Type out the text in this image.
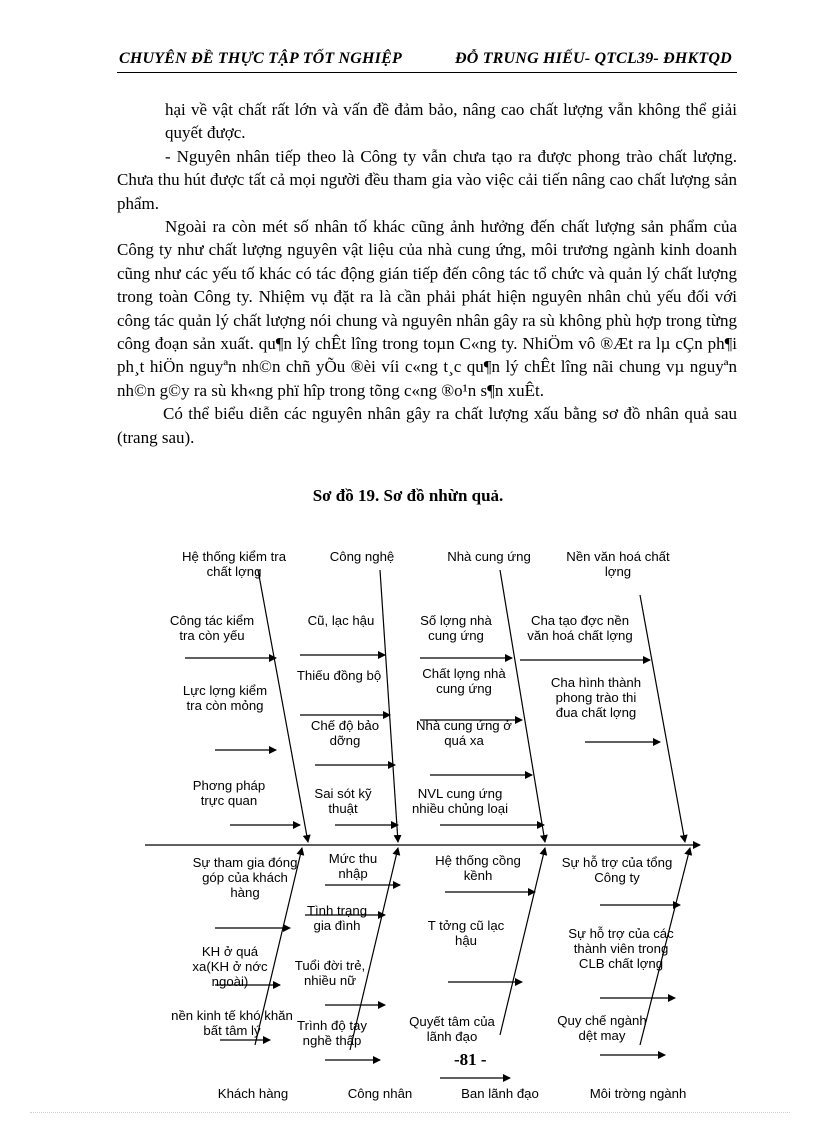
CHUYÊN ĐỀ THỰC TẬP TỐT NGHIỆP	ĐỖ TRUNG HIẾU- QTCL39- ĐHKTQD

hại về vật chất rất lớn và vấn đề đảm bảo, nâng cao chất lượng vẫn không thể giải quyết được.

- Nguyên nhân tiếp theo là Công ty vẫn chưa tạo ra được phong trào chất lượng. Chưa thu hút được tất cả mọi người đều tham gia vào việc cải tiến nâng cao chất lượng sản phẩm.

Ngoài ra còn mét số nhân tố khác cũng ảnh hưởng đến chất lượng sản phẩm của Công ty như chất lượng nguyên vật liệu của nhà cung ứng, môi trương ngành kinh doanh cũng như các yếu tố khác có tác động gián tiếp đến công tác tổ chức và quản lý chất lượng trong toàn Công ty. Nhiệm vụ đặt ra là cần phải phát hiện nguyên nhân chủ yếu đối với công tác quản lý chất lượng nói chung và nguyên nhân gây ra sù không phù hợp trong từng công đoạn sản xuất. qu¶n lý chÊt lîng trong toµn C«ng ty. NhiÖm vô ®Æt ra lµ cÇn ph¶i ph¸t hiÖn nguyªn nh©n chñ yÕu ®èi víi c«ng t¸c qu¶n lý chÊt lîng nãi chung vµ nguyªn nh©n g©y ra sù kh«ng phï hîp trong tõng c«ng ®o¹n s¶n xuÊt.

Có thể biểu diễn các nguyên nhân gây ra chất lượng xấu bằng sơ đồ nhân quả sau (trang sau).

Sơ đồ 19. Sơ đồ nhừn quả.
Hệ thống kiểm tra chất lợng
Công nghệ	Nhà cung ứng	Nền văn hoá chất lợng
Công tác kiểm tra còn yếu
Lực lợng kiểm tra còn mỏng
Phơng pháp trực quan
Cũ, lạc hậu
Thiếu đồng bộ
Chế độ bảo dỡng
Sai sót kỹ thuật
Số lợng nhà cung ứng
Chất lợng nhà cung ứng
Nhà cung ứng ở quá xa
NVL cung ứng nhiều chủng loại
Cha tạo đợc nền văn hoá chất lợng
Cha hình thành phong trào thi đua chất lợng
Sự tham gia đóng góp của khách hàng
KH ở quá xa(KH ở nớc ngoài)
nền kinh tế khó khăn bất tâm lý
Mức thu nhập
Tình trạng gia đình
Tuổi đời trẻ, nhiều nữ
Trình độ tay nghề thấp
Hệ thống cồng kềnh
T tởng cũ lạc hậu
Quyết tâm của lãnh đạo
Sự hỗ trợ của tổng Công ty
Sự hỗ trợ của các thành viên trong CLB chất lợng
Quy chế ngành dệt may
Khách hàng	Công nhân	Ban lãnh đạo	Môi trờng ngành
-81 -
